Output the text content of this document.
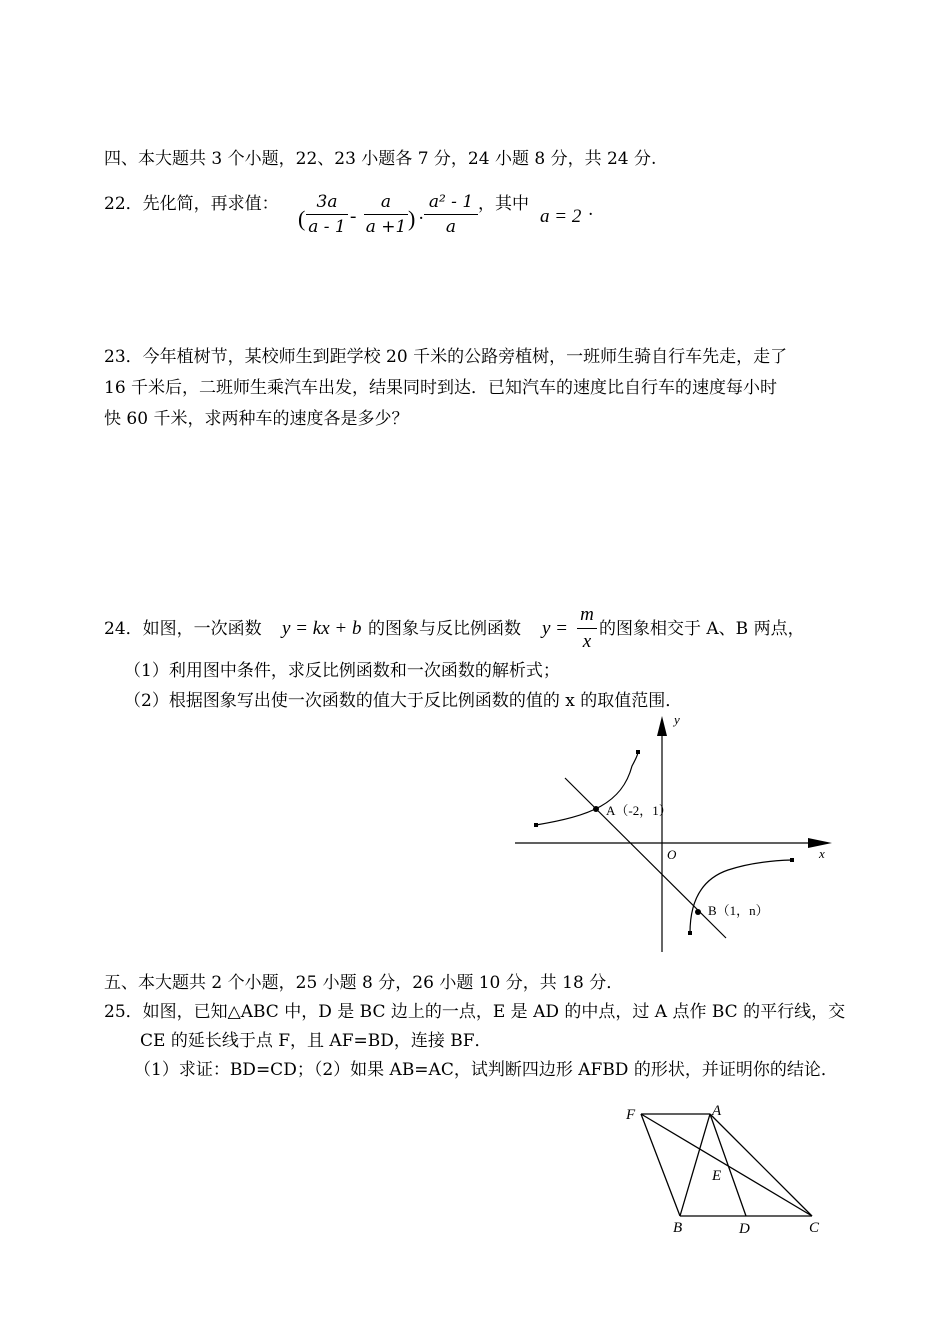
四、本大题共 3 个小题，22、23 小题各 7 分，24 小题 8 分，共 24 分.
22．先化简，再求值：
(
3a
a - 1 -
a
a +1 ) ·
a² - 1
a
，其中
a = 2 .
23．今年植树节，某校师生到距学校 20 千米的公路旁植树，一班师生骑自行车先走，走了
16 千米后，二班师生乘汽车出发，结果同时到达．已知汽车的速度比自行车的速度每小时
快 60 千米，求两种车的速度各是多少？
24．如图，一次函数 y = kx + b 的图象与反比例函数 y =
m
x
的图象相交于 A、B 两点，
（1）利用图中条件，求反比例函数和一次函数的解析式；
（2）根据图象写出使一次函数的值大于反比例函数的值的 x 的取值范围．
y
x
O
A（-2，1）
B（1，n）
五、本大题共 2 个小题，25 小题 8 分，26 小题 10 分，共 18 分．
25．如图，已知△ABC 中，D 是 BC 边上的一点，E 是 AD 的中点，过 A 点作 BC 的平行线，交
CE 的延长线于点 F，且 AF=BD，连接 BF．
（1）求证：BD=CD；（2）如果 AB=AC，试判断四边形 AFBD 的形状，并证明你的结论．
F	A
E
B	D	C
